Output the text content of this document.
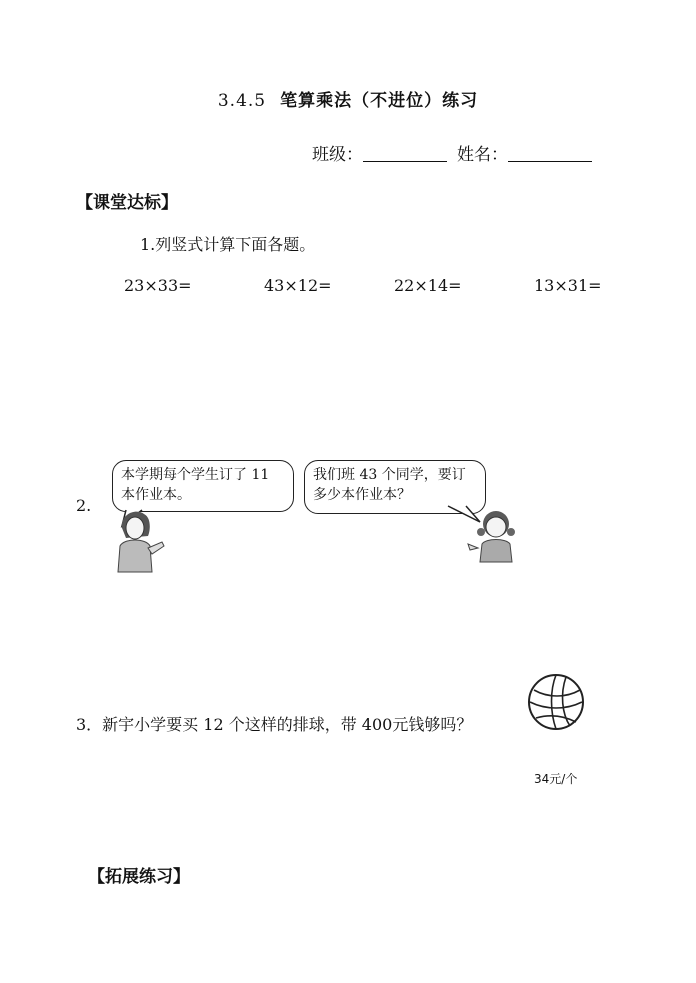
3.4.5 笔算乘法（不进位）练习
班级：	姓名：
【课堂达标】
1.列竖式计算下面各题。
23×33=	43×12=	22×14=	13×31=
2.
本学期每个学生订了 11 本作业本。
我们班 43 个同学，要订多少本作业本？
3．新宇小学要买 12 个这样的排球，带 400元钱够吗？
34元/个
【拓展练习】
